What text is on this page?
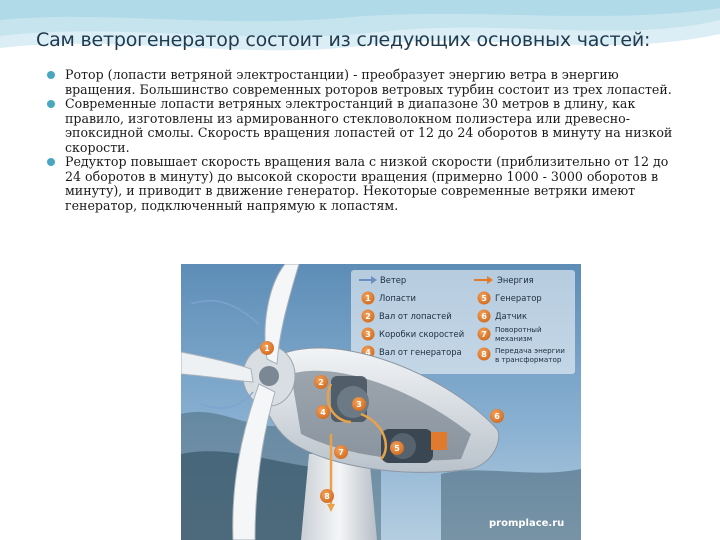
Сам ветрогенератор состоит из следующих основных частей:
Ротор (лопасти ветряной электростанции) - преобразует энергию ветра в энергию вращения. Большинство современных роторов ветровых турбин состоит из трех лопастей.
Современные лопасти ветряных электростанций в диапазоне 30 метров в длину, как правило, изготовлены из армированного стекловолокном полиэстера или древесно-эпоксидной смолы. Скорость вращения лопастей от 12 до 24 оборотов в минуту на низкой скорости.
Редуктор повышает скорость вращения вала с низкой скорости (приблизительно от 12 до 24 оборотов в минуту) до высокой скорости вращения (примерно 1000 - 3000 оборотов в минуту), и приводит в движение генератор. Некоторые современные ветряки имеют генератор, подключенный напрямую к лопастям.
Ветер	Энергия
1 Лопасти
2 Вал от лопастей
3 Коробки скоростей
4 Вал от генератора
5 Генератор
6 Датчик
7
Поворотный
механизм
8 Передача энергии
в трансформатор
1
2
3
4
5
6
7
8
promplace.ru
